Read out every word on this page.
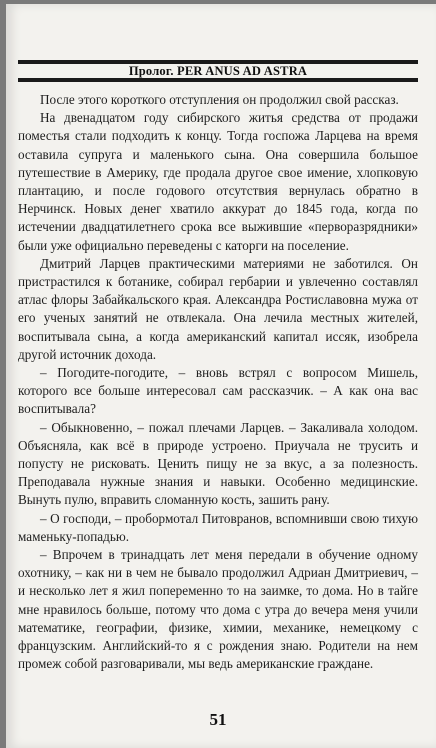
Пролог. PER ANUS AD ASTRA

После этого короткого отступления он продолжил свой рассказ.

На двенадцатом году сибирского житья средства от продажи поместья стали подходить к концу. Тогда госпожа Ларцева на время оставила супруга и маленького сына. Она совершила большое путешествие в Америку, где продала другое свое имение, хлопковую плантацию, и после годового отсутствия вернулась обратно в Нерчинск. Новых денег хватило аккурат до 1845 года, когда по истечении двадцатилетнего срока все выжившие «перворазрядники» были уже официально переведены с каторги на поселение.

Дмитрий Ларцев практическими материями не заботился. Он пристрастился к ботанике, собирал гербарии и увлеченно составлял атлас флоры Забайкальского края. Александра Ростиславовна мужа от его ученых занятий не отвлекала. Она лечила местных жителей, воспитывала сына, а когда американский капитал иссяк, изобрела другой источник дохода.

– Погодите-погодите, – вновь встрял с вопросом Мишель, которого все больше интересовал сам рассказчик. – А как она вас воспитывала?

– Обыкновенно, – пожал плечами Ларцев. – Закаливала холодом. Объясняла, как всё в природе устроено. Приучала не трусить и попусту не рисковать. Ценить пищу не за вкус, а за полезность. Преподавала нужные знания и навыки. Особенно медицинские. Вынуть пулю, вправить сломанную кость, зашить рану.

– О господи, – пробормотал Питовранов, вспомнивши свою тихую маменьку-попадью.

– Впрочем в тринадцать лет меня передали в обучение одному охотнику, – как ни в чем не бывало продолжил Адриан Дмитриевич, – и несколько лет я жил попеременно то на заимке, то дома. Но в тайге мне нравилось больше, потому что дома с утра до вечера меня учили математике, географии, физике, химии, механике, немецкому с французским. Английский-то я с рождения знаю. Родители на нем промеж собой разговаривали, мы ведь американские граждане.

51
